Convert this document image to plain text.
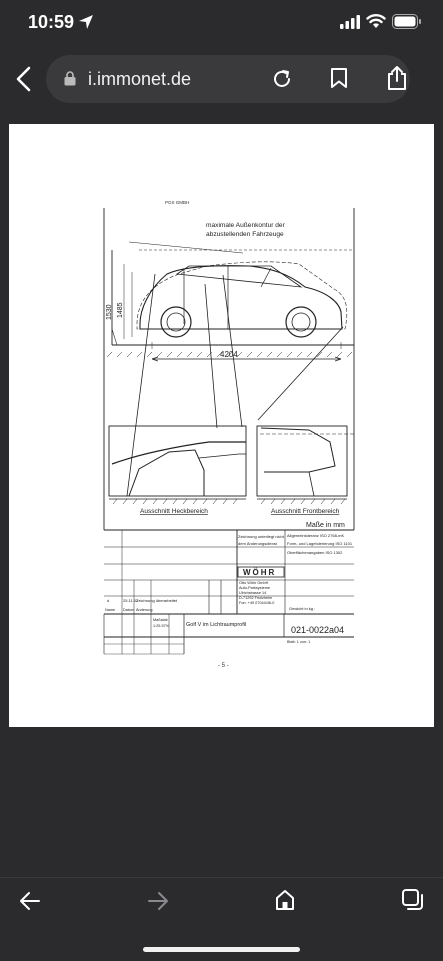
10:59
i.immonet.de
PGS GMBH
maximale Außenkontur der
abzustellenden Fahrzeuge
1530 1485
4204
Ausschnitt Heckbereich	Ausschnitt Frontbereich
Maße in mm
Zeichnung unterliegt nicht
dem Änderungsdienst
Allgemeintoleranz ISO 2768-mK
Form- und Lagetolerierung ISO 1101
Oberflächenangaben ISO 1302
WÖHR
Otto Wöhr GmbH
Auto-Parksysteme
Ulrichstrasse 14
D-71292 Friolzheim
Fon: +49 07044/46-0
Gewicht in kg :
d	25.11.02
Zeichnung überarbeitet
Name Datum Änderung
Maßstab
1:25.57%	Golf V im Lichtraumprofil	021-0022a04
Blatt: 1 von: 1
- 5 -
